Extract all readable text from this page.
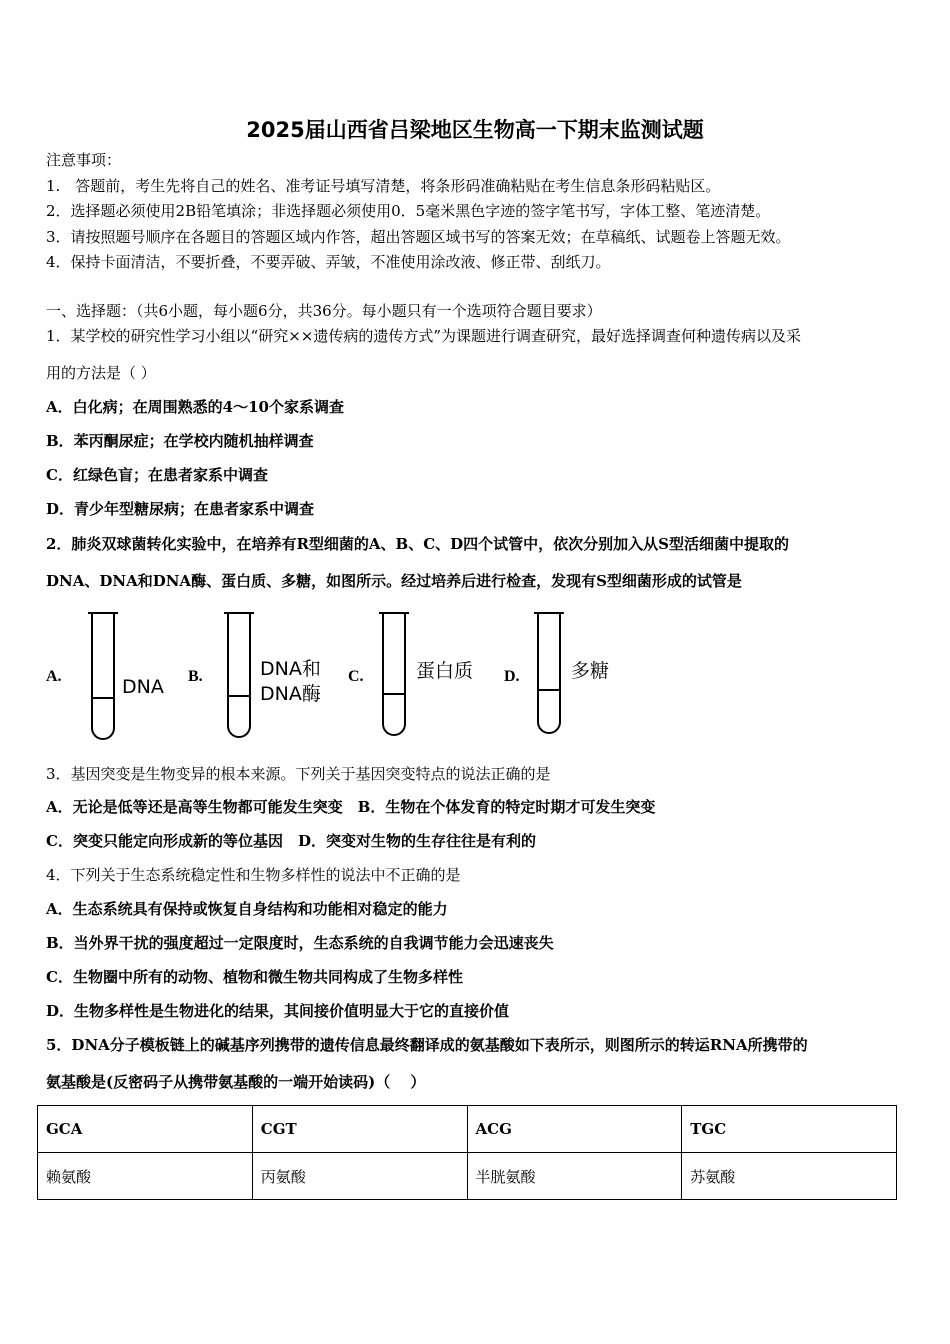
2025届山西省吕梁地区生物高一下期末监测试题
注意事项：
1.　答题前，考生先将自己的姓名、准考证号填写清楚，将条形码准确粘贴在考生信息条形码粘贴区。
2．选择题必须使用2B铅笔填涂；非选择题必须使用0．5毫米黑色字迹的签字笔书写，字体工整、笔迹清楚。
3．请按照题号顺序在各题目的答题区域内作答，超出答题区域书写的答案无效；在草稿纸、试题卷上答题无效。
4．保持卡面清洁，不要折叠，不要弄破、弄皱，不准使用涂改液、修正带、刮纸刀。
一、选择题：（共6小题，每小题6分，共36分。每小题只有一个选项符合题目要求）
1．某学校的研究性学习小组以“研究××遗传病的遗传方式”为课题进行调查研究，最好选择调查何种遗传病以及采
用的方法是（ ）
A．白化病；在周围熟悉的4～10个家系调查
B．苯丙酮尿症；在学校内随机抽样调查
C．红绿色盲；在患者家系中调查
D．青少年型糖尿病；在患者家系中调查
2．肺炎双球菌转化实验中，在培养有R型细菌的A、B、C、D四个试管中，依次分别加入从S型活细菌中提取的
DNA、DNA和DNA酶、蛋白质、多糖，如图所示。经过培养后进行检查，发现有S型细菌形成的试管是
A.	DNA B.	DNA和
DNA酶
C.	蛋白质 D.	多糖
3．基因突变是生物变异的根本来源。下列关于基因突变特点的说法正确的是
A．无论是低等还是高等生物都可能发生突变　B．生物在个体发育的特定时期才可发生突变
C．突变只能定向形成新的等位基因　D．突变对生物的生存往往是有利的
4．下列关于生态系统稳定性和生物多样性的说法中不正确的是
A．生态系统具有保持或恢复自身结构和功能相对稳定的能力
B．当外界干扰的强度超过一定限度时，生态系统的自我调节能力会迅速丧失
C．生物圈中所有的动物、植物和微生物共同构成了生物多样性
D．生物多样性是生物进化的结果，其间接价值明显大于它的直接价值
5．DNA分子模板链上的碱基序列携带的遗传信息最终翻译成的氨基酸如下表所示，则图所示的转运RNA所携带的
氨基酸是(反密码子从携带氨基酸的一端开始读码)（　 ）
GCA	CGT	ACG	TGC
赖氨酸	丙氨酸	半胱氨酸	苏氨酸
